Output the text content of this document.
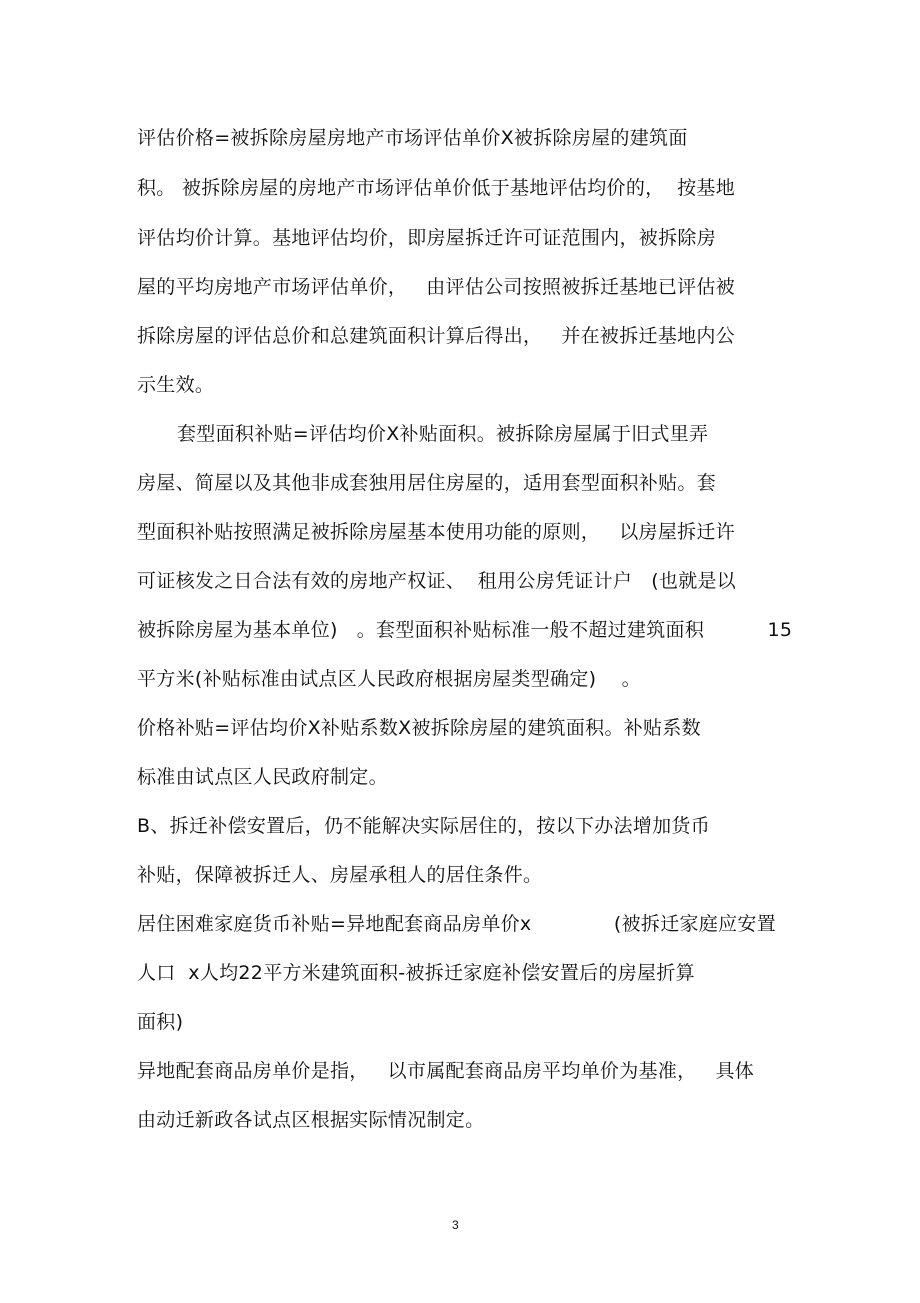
评估价格=被拆除房屋房地产市场评估单价X被拆除房屋的建筑面
积。 被拆除房屋的房地产市场评估单价低于基地评估均价的，  按基地
评估均价计算。基地评估均价，即房屋拆迁许可证范围内，被拆除房
屋的平均房地产市场评估单价，   由评估公司按照被拆迁基地已评估被
拆除房屋的评估总价和总建筑面积计算后得出，   并在被拆迁基地内公
示生效。
套型面积补贴=评估均价X补贴面积。被拆除房屋属于旧式里弄
房屋、简屋以及其他非成套独用居住房屋的，适用套型面积补贴。套
型面积补贴按照满足被拆除房屋基本使用功能的原则，   以房屋拆迁许
可证核发之日合法有效的房地产权证、  租用公房凭证计户   (也就是以
被拆除房屋为基本单位)   。套型面积补贴标准一般不超过建筑面积          15
平方米(补贴标准由试点区人民政府根据房屋类型确定)    。
价格补贴=评估均价X补贴系数X被拆除房屋的建筑面积。补贴系数
标准由试点区人民政府制定。
B、拆迁补偿安置后，仍不能解决实际居住的，按以下办法增加货币
补贴，保障被拆迁人、房屋承租人的居住条件。
居住困难家庭货币补贴=异地配套商品房单价x             (被拆迁家庭应安置
人口  x人均22平方米建筑面积-被拆迁家庭补偿安置后的房屋折算
面积)
异地配套商品房单价是指，   以市属配套商品房平均单价为基准，   具体
由动迁新政各试点区根据实际情况制定。
3
